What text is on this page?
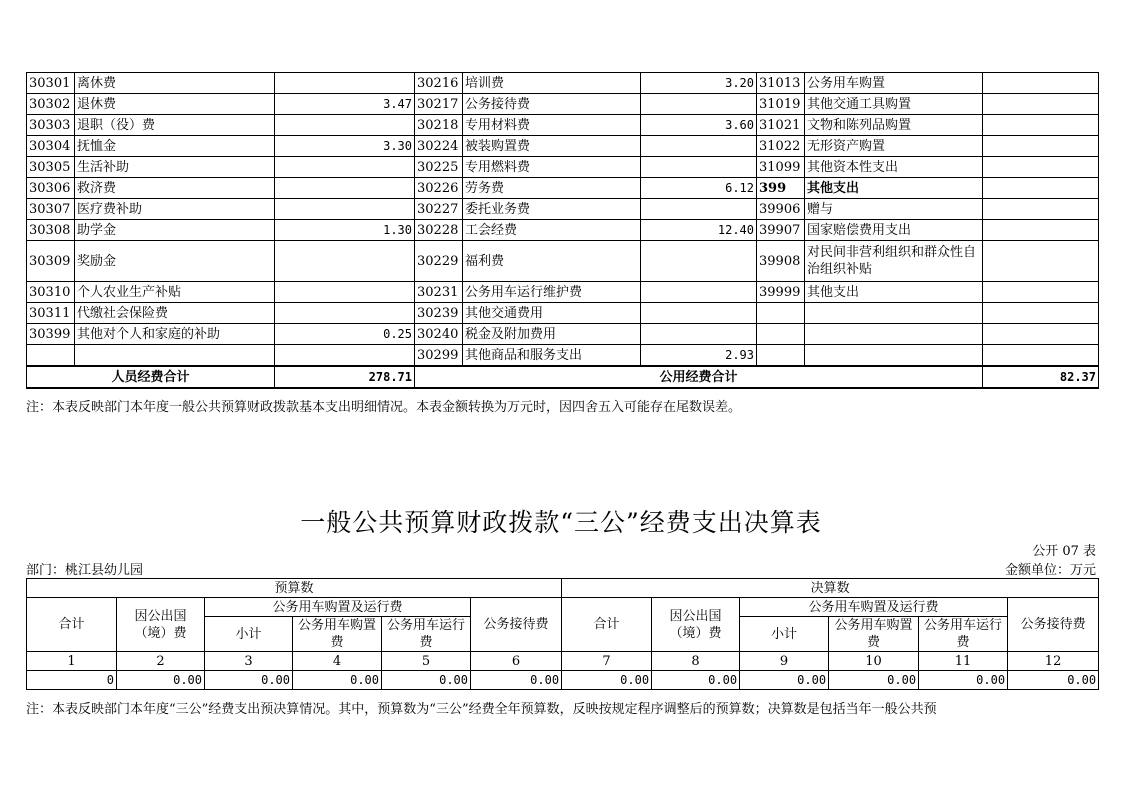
30301	离休费		30216	培训费	3.20	31013	公务用车购置	
30302	退休费	3.47	30217	公务接待费		31019	其他交通工具购置	
30303	退职（役）费		30218	专用材料费	3.60	31021	文物和陈列品购置	
30304	抚恤金	3.30	30224	被装购置费		31022	无形资产购置	
30305	生活补助		30225	专用燃料费		31099	其他资本性支出	
30306	救济费		30226	劳务费	6.12	399	其他支出	
30307	医疗费补助		30227	委托业务费		39906	赠与	
30308	助学金	1.30	30228	工会经费	12.40	39907	国家赔偿费用支出	
30309	奖励金		30229	福利费		39908	对民间非营利组织和群众性自治组织补贴	
30310	个人农业生产补贴		30231	公务用车运行维护费		39999	其他支出	
30311	代缴社会保险费		30239	其他交通费用				
30399	其他对个人和家庭的补助	0.25	30240	税金及附加费用				
			30299	其他商品和服务支出	2.93			
人员经费合计		278.71	公用经费合计					82.37
注：本表反映部门本年度一般公共预算财政拨款基本支出明细情况。本表金额转换为万元时，因四舍五入可能存在尾数误差。
一般公共预算财政拨款“三公”经费支出决算表
公开 07 表
部门：桃江县幼儿园	金额单位：万元
预算数						决算数					
合计	因公出国（境）费	公务用车购置及运行费			公务接待费	合计	因公出国（境）费	公务用车购置及运行费			公务接待费
		小计	公务用车购置费	公务用车运行费				小计	公务用车购置费	公务用车运行费	
1	2	3	4	5	6	7	8	9	10	11	12
0	0.00	0.00	0.00	0.00	0.00	0.00	0.00	0.00	0.00	0.00	0.00
注：本表反映部门本年度“三公”经费支出预决算情况。其中，预算数为“三公”经费全年预算数，反映按规定程序调整后的预算数；决算数是包括当年一般公共预
